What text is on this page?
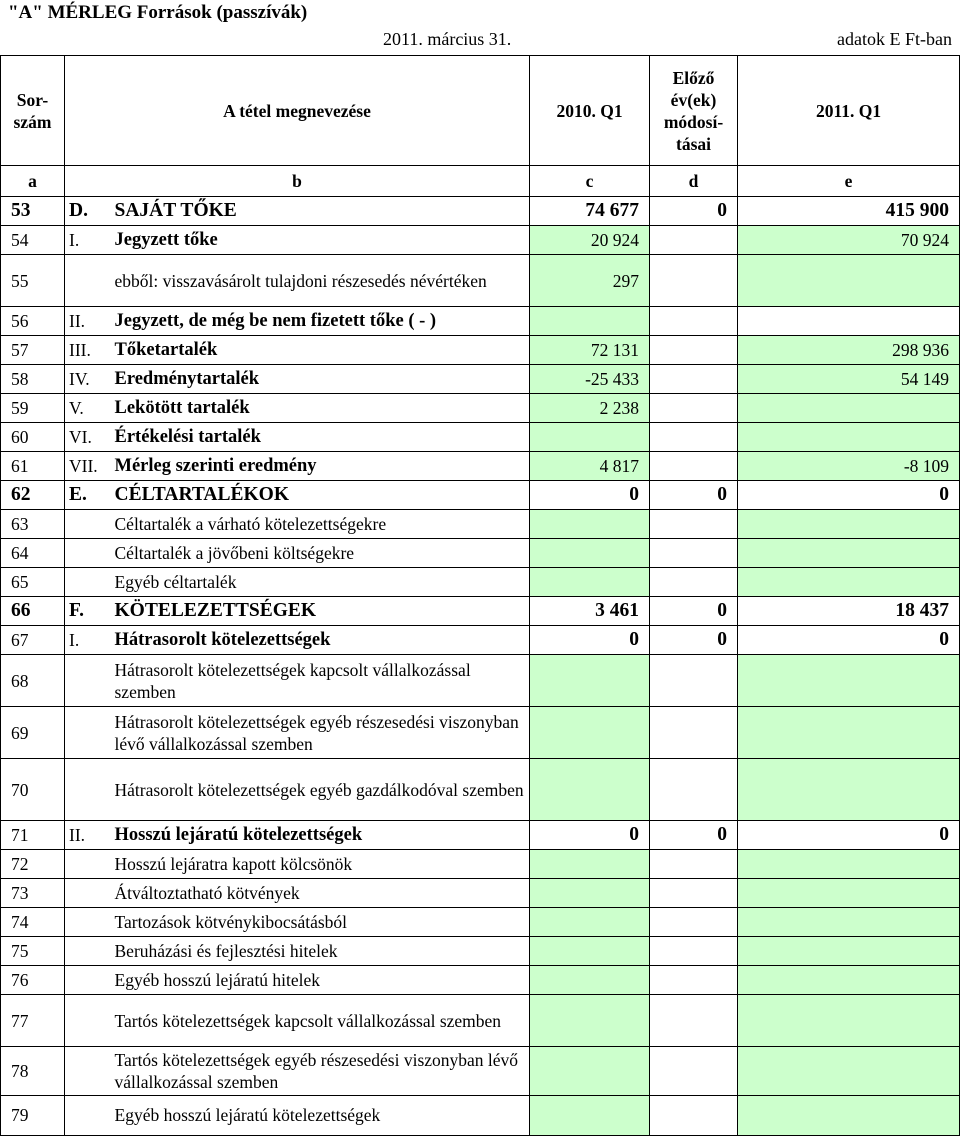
"A" MÉRLEG Források (passzívák)
2011. március 31.	adatok E Ft-ban
Sor-
szám	A tétel megnevezése		2010. Q1	Előző év(ek) módosí-tásai	2011. Q1
a	b		c	d	e
53	D.	SAJÁT TŐKE	74 677	0	415 900
54	I.	Jegyzett tőke	20 924		70 924
55		ebből: visszavásárolt tulajdoni részesedés névértéken	297		
56	II.	Jegyzett, de még be nem fizetett tőke ( - )			
57	III.	Tőketartalék	72 131		298 936
58	IV.	Eredménytartalék	-25 433		54 149
59	V.	Lekötött tartalék	2 238		
60	VI.	Értékelési tartalék			
61	VII.	Mérleg szerinti eredmény	4 817		-8 109
62	E.	CÉLTARTALÉKOK	0	0	0
63		Céltartalék a várható kötelezettségekre			
64		Céltartalék a jövőbeni költségekre			
65		Egyéb céltartalék			
66	F.	KÖTELEZETTSÉGEK	3 461	0	18 437
67	I.	Hátrasorolt kötelezettségek	0	0	0
68		Hátrasorolt kötelezettségek kapcsolt vállalkozással szemben			
69		Hátrasorolt kötelezettségek egyéb részesedési viszonyban lévő vállalkozással szemben			
70		Hátrasorolt kötelezettségek egyéb gazdálkodóval szemben			
71	II.	Hosszú lejáratú kötelezettségek	0	0	0
72		Hosszú lejáratra kapott kölcsönök			
73		Átváltoztatható kötvények			
74		Tartozások kötvénykibocsátásból			
75		Beruházási és fejlesztési hitelek			
76		Egyéb hosszú lejáratú hitelek			
77		Tartós kötelezettségek kapcsolt vállalkozással szemben			
78		Tartós kötelezettségek egyéb részesedési viszonyban lévő vállalkozással szemben			
79		Egyéb hosszú lejáratú kötelezettségek			
